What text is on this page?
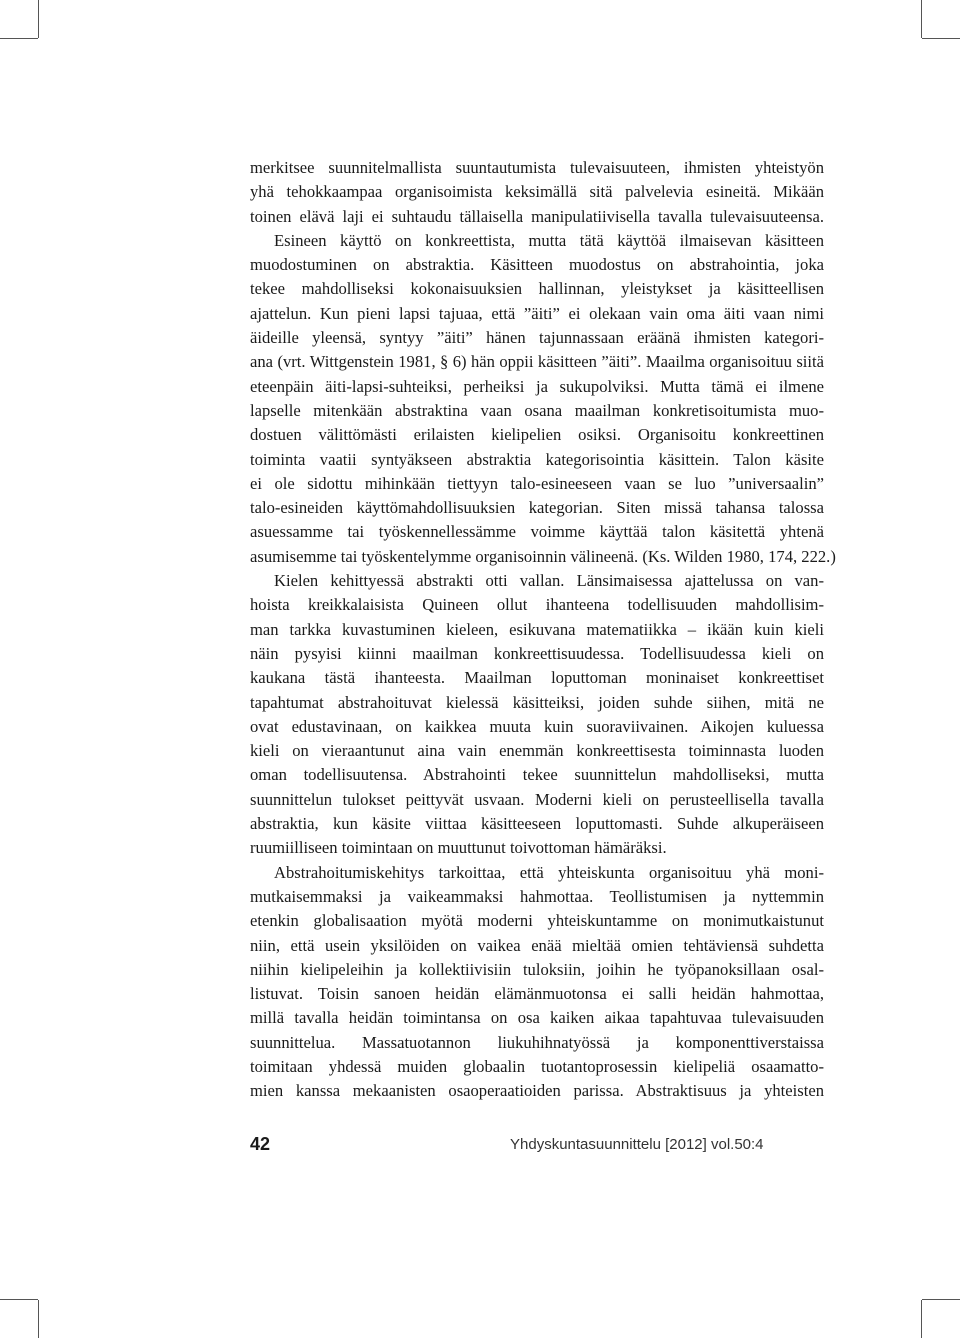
merkitsee suunnitelmallista suuntautumista tulevaisuuteen, ihmisten yhteistyön
yhä tehokkaampaa organisoimista keksimällä sitä palvelevia esineitä. Mikään
toinen elävä laji ei suhtaudu tällaisella manipulatiivisella tavalla tulevaisuuteensa.
Esineen käyttö on konkreettista, mutta tätä käyttöä ilmaisevan käsitteen
muodostuminen on abstraktia. Käsitteen muodostus on abstrahointia, joka
tekee mahdolliseksi kokonaisuuksien hallinnan, yleistykset ja käsitteellisen
ajattelun. Kun pieni lapsi tajuaa, että ”äiti” ei olekaan vain oma äiti vaan nimi
äideille yleensä, syntyy ”äiti” hänen tajunnassaan eräänä ihmisten kategori-
ana (vrt. Wittgenstein 1981, § 6) hän oppii käsitteen ”äiti”. Maailma organisoituu siitä
eteenpäin äiti-lapsi-suhteiksi, perheiksi ja sukupolviksi. Mutta tämä ei ilmene
lapselle mitenkään abstraktina vaan osana maailman konkretisoitumista muo-
dostuen välittömästi erilaisten kielipelien osiksi. Organisoitu konkreettinen
toiminta vaatii syntyäkseen abstraktia kategorisointia käsittein. Talon käsite
ei ole sidottu mihinkään tiettyyn talo-esineeseen vaan se luo ”universaalin”
talo-esineiden käyttömahdollisuuksien kategorian. Siten missä tahansa talossa
asuessamme tai työskennellessämme voimme käyttää talon käsitettä yhtenä
asumisemme tai työskentelymme organisoinnin välineenä. (Ks. Wilden 1980, 174, 222.)
Kielen kehittyessä abstrakti otti vallan. Länsimaisessa ajattelussa on van-
hoista kreikkalaisista Quineen ollut ihanteena todellisuuden mahdollisim-
man tarkka kuvastuminen kieleen, esikuvana matematiikka – ikään kuin kieli
näin pysyisi kiinni maailman konkreettisuudessa. Todellisuudessa kieli on
kaukana tästä ihanteesta. Maailman loputtoman moninaiset konkreettiset
tapahtumat abstrahoituvat kielessä käsitteiksi, joiden suhde siihen, mitä ne
ovat edustavinaan, on kaikkea muuta kuin suoraviivainen. Aikojen kuluessa
kieli on vieraantunut aina vain enemmän konkreettisesta toiminnasta luoden
oman todellisuutensa. Abstrahointi tekee suunnittelun mahdolliseksi, mutta
suunnittelun tulokset peittyvät usvaan. Moderni kieli on perusteellisella tavalla
abstraktia, kun käsite viittaa käsitteeseen loputtomasti. Suhde alkuperäiseen
ruumiilliseen toimintaan on muuttunut toivottoman hämäräksi.
Abstrahoitumiskehitys tarkoittaa, että yhteiskunta organisoituu yhä moni-
mutkaisemmaksi ja vaikeammaksi hahmottaa. Teollistumisen ja nyttemmin
etenkin globalisaation myötä moderni yhteiskuntamme on monimutkaistunut
niin, että usein yksilöiden on vaikea enää mieltää omien tehtäviensä suhdetta
niihin kielipeleihin ja kollektiivisiin tuloksiin, joihin he työpanoksillaan osal-
listuvat. Toisin sanoen heidän elämänmuotonsa ei salli heidän hahmottaa,
millä tavalla heidän toimintansa on osa kaiken aikaa tapahtuvaa tulevaisuuden
suunnittelua. Massatuotannon liukuhihnatyössä ja komponenttiverstaissa
toimitaan yhdessä muiden globaalin tuotantoprosessin kielipeliä osaamatto-
mien kanssa mekaanisten osaoperaatioiden parissa. Abstraktisuus ja yhteisten
42	Yhdyskuntasuunnittelu [2012] vol.50:4
